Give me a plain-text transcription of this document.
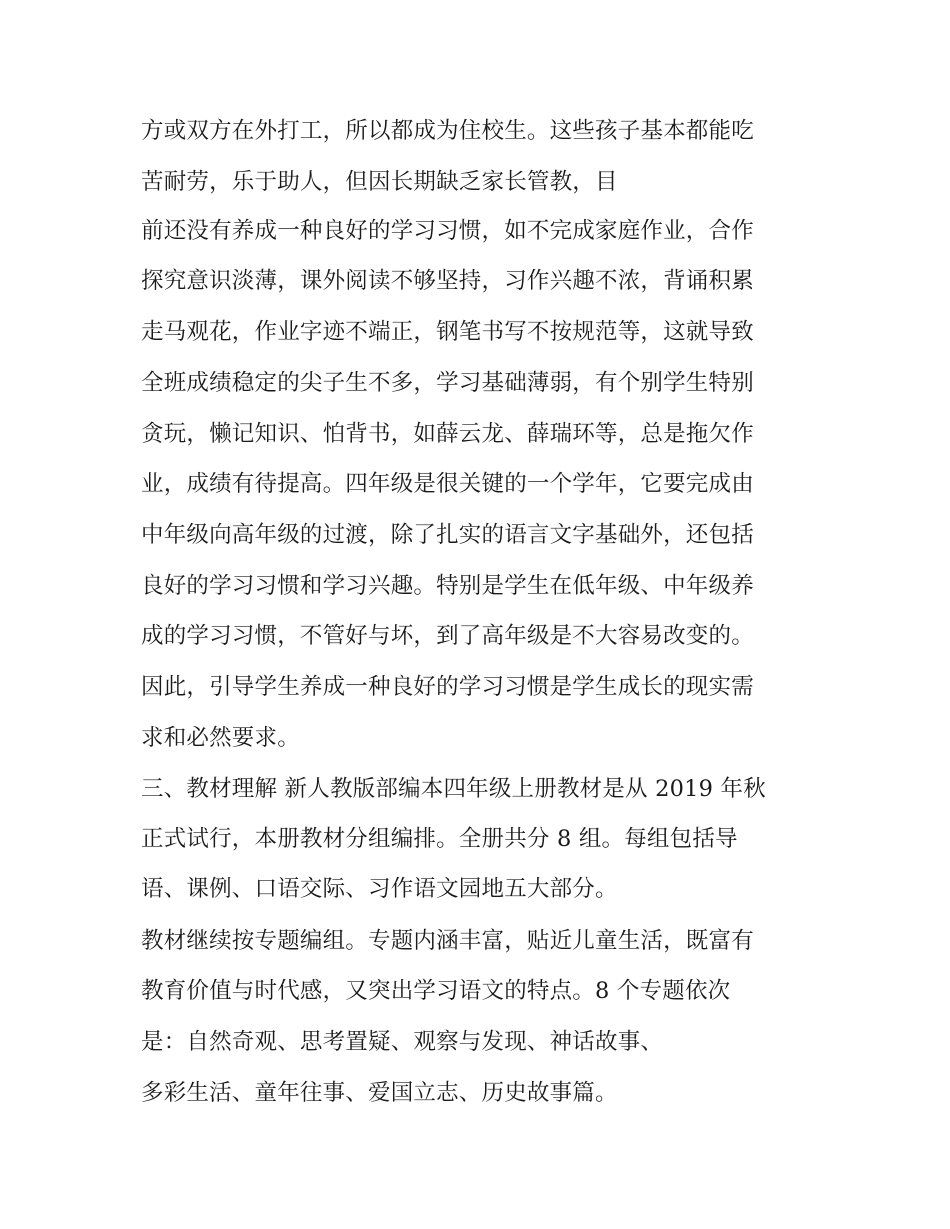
方或双方在外打工，所以都成为住校生。这些孩子基本都能吃
苦耐劳，乐于助人，但因长期缺乏家长管教，目
前还没有养成一种良好的学习习惯，如不完成家庭作业，合作
探究意识淡薄，课外阅读不够坚持，习作兴趣不浓，背诵积累
走马观花，作业字迹不端正，钢笔书写不按规范等，这就导致
全班成绩稳定的尖子生不多，学习基础薄弱，有个别学生特别
贪玩，懒记知识、怕背书，如薛云龙、薛瑞环等，总是拖欠作
业，成绩有待提高。四年级是很关键的一个学年，它要完成由
中年级向高年级的过渡，除了扎实的语言文字基础外，还包括
良好的学习习惯和学习兴趣。特别是学生在低年级、中年级养
成的学习习惯，不管好与坏，到了高年级是不大容易改变的。
因此，引导学生养成一种良好的学习习惯是学生成长的现实需
求和必然要求。
三、教材理解 新人教版部编本四年级上册教材是从 2019 年秋
正式试行，本册教材分组编排。全册共分 8 组。每组包括导
语、课例、口语交际、习作语文园地五大部分。
教材继续按专题编组。专题内涵丰富，贴近儿童生活，既富有
教育价值与时代感，又突出学习语文的特点。8 个专题依次
是：自然奇观、思考置疑、观察与发现、神话故事、
多彩生活、童年往事、爱国立志、历史故事篇。
